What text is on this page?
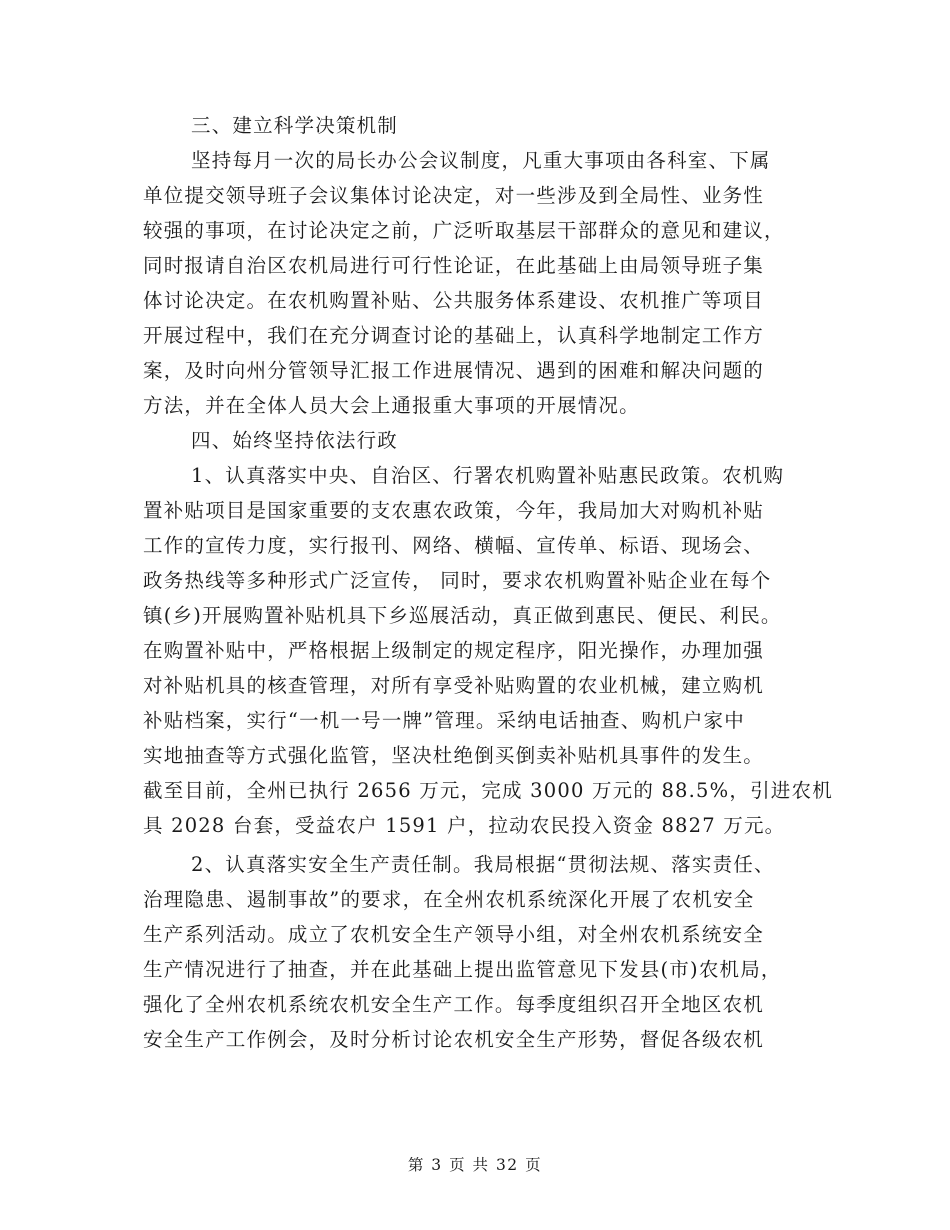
三、建立科学决策机制
坚持每月一次的局长办公会议制度，凡重大事项由各科室、下属
单位提交领导班子会议集体讨论决定，对一些涉及到全局性、业务性
较强的事项，在讨论决定之前，广泛听取基层干部群众的意见和建议，
同时报请自治区农机局进行可行性论证，在此基础上由局领导班子集
体讨论决定。在农机购置补贴、公共服务体系建设、农机推广等项目
开展过程中，我们在充分调查讨论的基础上，认真科学地制定工作方
案，及时向州分管领导汇报工作进展情况、遇到的困难和解决问题的
方法，并在全体人员大会上通报重大事项的开展情况。
四、始终坚持依法行政
1、认真落实中央、自治区、行署农机购置补贴惠民政策。农机购
置补贴项目是国家重要的支农惠农政策，今年，我局加大对购机补贴
工作的宣传力度，实行报刊、网络、横幅、宣传单、标语、现场会、
政务热线等多种形式广泛宣传， 同时，要求农机购置补贴企业在每个
镇(乡)开展购置补贴机具下乡巡展活动，真正做到惠民、便民、利民。
在购置补贴中，严格根据上级制定的规定程序，阳光操作，办理加强
对补贴机具的核查管理，对所有享受补贴购置的农业机械，建立购机
补贴档案，实行“一机一号一牌”管理。采纳电话抽查、购机户家中
实地抽查等方式强化监管，坚决杜绝倒买倒卖补贴机具事件的发生。
截至目前，全州已执行 2656 万元，完成 3000 万元的 88.5%，引进农机
具 2028 台套，受益农户 1591 户，拉动农民投入资金 8827 万元。
2、认真落实安全生产责任制。我局根据“贯彻法规、落实责任、
治理隐患、遏制事故”的要求，在全州农机系统深化开展了农机安全
生产系列活动。成立了农机安全生产领导小组，对全州农机系统安全
生产情况进行了抽查，并在此基础上提出监管意见下发县(市)农机局，
强化了全州农机系统农机安全生产工作。每季度组织召开全地区农机
安全生产工作例会，及时分析讨论农机安全生产形势，督促各级农机
第 3 页 共 32 页
